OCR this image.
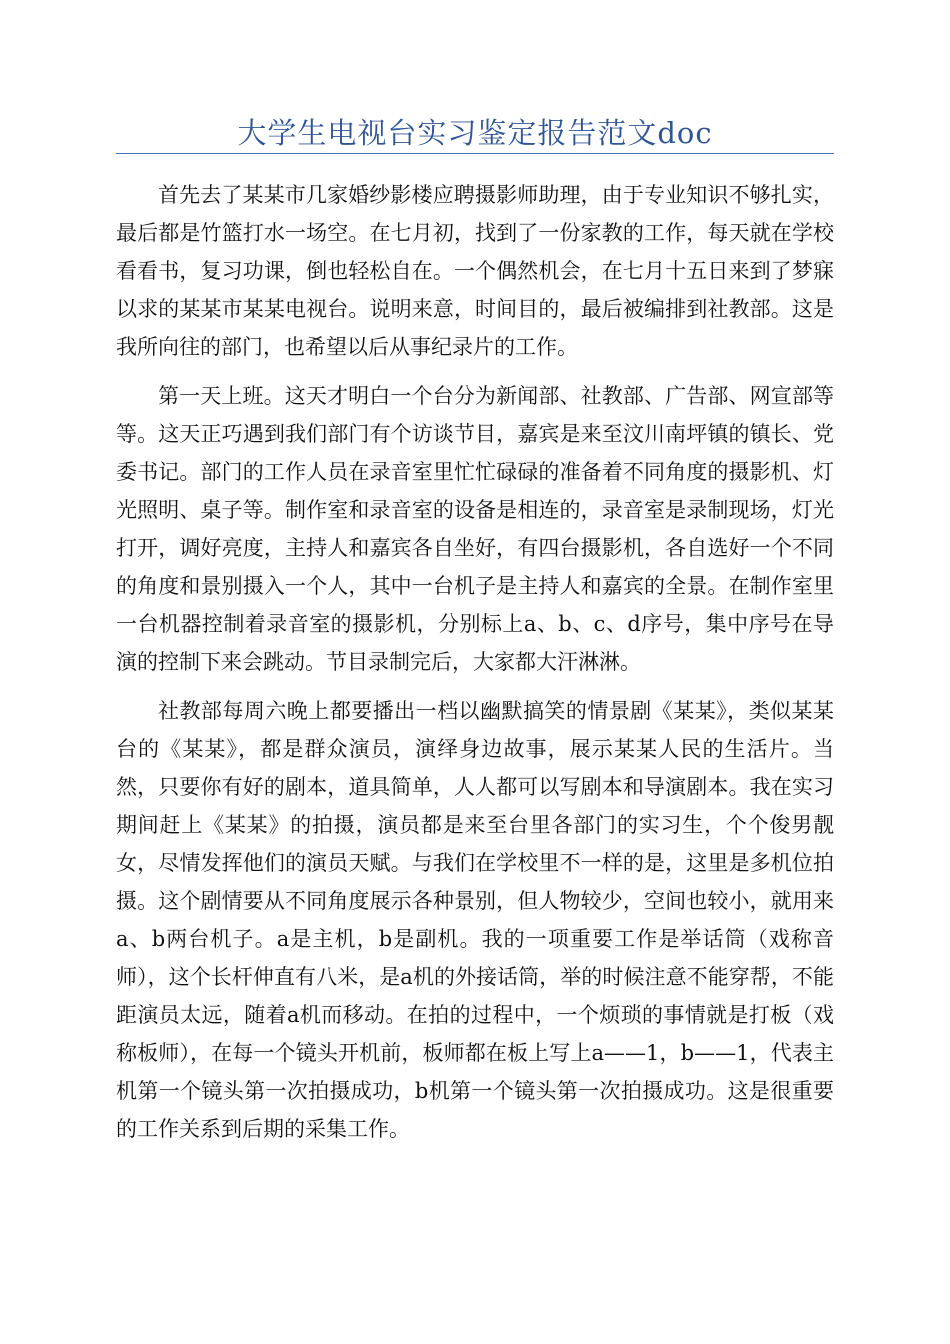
大学生电视台实习鉴定报告范文doc

首先去了某某市几家婚纱影楼应聘摄影师助理，由于专业知识不够扎实，最后都是竹篮打水一场空。在七月初，找到了一份家教的工作，每天就在学校看看书，复习功课，倒也轻松自在。一个偶然机会，在七月十五日来到了梦寐以求的某某市某某电视台。说明来意，时间目的，最后被编排到社教部。这是我所向往的部门，也希望以后从事纪录片的工作。

第一天上班。这天才明白一个台分为新闻部、社教部、广告部、网宣部等等。这天正巧遇到我们部门有个访谈节目，嘉宾是来至汶川南坪镇的镇长、党委书记。部门的工作人员在录音室里忙忙碌碌的准备着不同角度的摄影机、灯光照明、桌子等。制作室和录音室的设备是相连的，录音室是录制现场，灯光打开，调好亮度，主持人和嘉宾各自坐好，有四台摄影机，各自选好一个不同的角度和景别摄入一个人，其中一台机子是主持人和嘉宾的全景。在制作室里一台机器控制着录音室的摄影机，分别标上a、b、c、d序号，集中序号在导演的控制下来会跳动。节目录制完后，大家都大汗淋淋。

社教部每周六晚上都要播出一档以幽默搞笑的情景剧《某某》，类似某某台的《某某》，都是群众演员，演绎身边故事，展示某某人民的生活片。当然，只要你有好的剧本，道具简单，人人都可以写剧本和导演剧本。我在实习期间赶上《某某》的拍摄，演员都是来至台里各部门的实习生，个个俊男靓女，尽情发挥他们的演员天赋。与我们在学校里不一样的是，这里是多机位拍摄。这个剧情要从不同角度展示各种景别，但人物较少，空间也较小，就用来a、b两台机子。a是主机，b是副机。我的一项重要工作是举话筒（戏称音师），这个长杆伸直有八米，是a机的外接话筒，举的时候注意不能穿帮，不能距演员太远，随着a机而移动。在拍的过程中，一个烦琐的事情就是打板（戏称板师），在每一个镜头开机前，板师都在板上写上a——1，b——1，代表主机第一个镜头第一次拍摄成功，b机第一个镜头第一次拍摄成功。这是很重要的工作关系到后期的采集工作。
